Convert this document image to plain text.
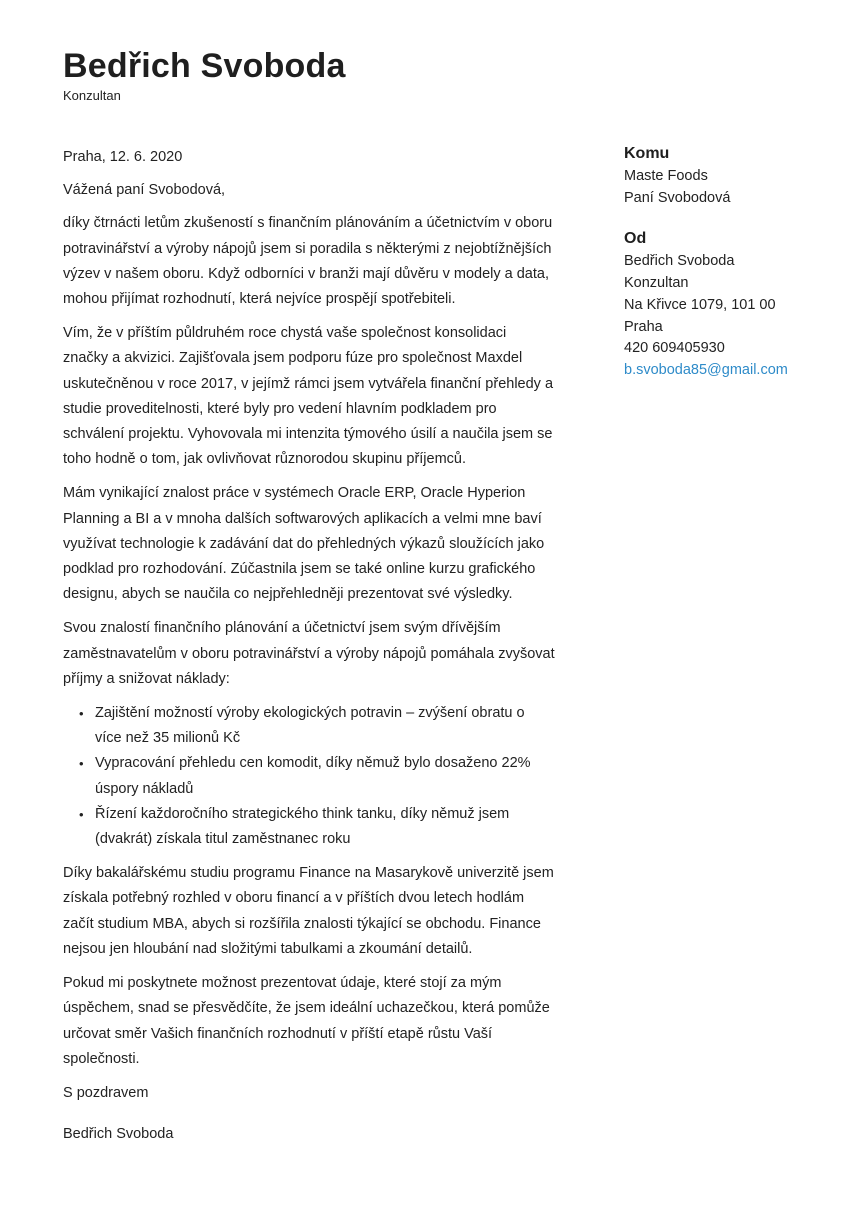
Bedřich Svoboda
Konzultan
Praha, 12. 6. 2020
Vážená paní Svobodová,

díky čtrnácti letům zkušeností s finančním plánováním a účetnictvím v oboru potravinářství a výroby nápojů jsem si poradila s některými z nejobtížnějších výzev v našem oboru. Když odborníci v branži mají důvěru v modely a data, mohou přijímat rozhodnutí, která nejvíce prospějí spotřebiteli.

Vím, že v příštím půldruhém roce chystá vaše společnost konsolidaci značky a akvizici. Zajišťovala jsem podporu fúze pro společnost Maxdel uskutečněnou v roce 2017, v jejímž rámci jsem vytvářela finanční přehledy a studie proveditelnosti, které byly pro vedení hlavním podkladem pro schválení projektu. Vyhovovala mi intenzita týmového úsilí a naučila jsem se toho hodně o tom, jak ovlivňovat různorodou skupinu příjemců.

Mám vynikající znalost práce v systémech Oracle ERP, Oracle Hyperion Planning a BI a v mnoha dalších softwarových aplikacích a velmi mne baví využívat technologie k zadávání dat do přehledných výkazů sloužících jako podklad pro rozhodování. Zúčastnila jsem se také online kurzu grafického designu, abych se naučila co nejpřehledněji prezentovat své výsledky.

Svou znalostí finančního plánování a účetnictví jsem svým dřívějším zaměstnavatelům v oboru potravinářství a výroby nápojů pomáhala zvyšovat příjmy a snižovat náklady:

• Zajištění možností výroby ekologických potravin – zvýšení obratu o více než 35 milionů Kč
• Vypracování přehledu cen komodit, díky němuž bylo dosaženo 22% úspory nákladů
• Řízení každoročního strategického think tanku, díky němuž jsem (dvakrát) získala titul zaměstnanec roku

Díky bakalářskému studiu programu Finance na Masarykově univerzitě jsem získala potřebný rozhled v oboru financí a v příštích dvou letech hodlám začít studium MBA, abych si rozšířila znalosti týkající se obchodu. Finance nejsou jen hloubání nad složitými tabulkami a zkoumání detailů.

Pokud mi poskytnete možnost prezentovat údaje, které stojí za mým úspěchem, snad se přesvědčíte, že jsem ideální uchazečkou, která pomůže určovat směr Vašich finančních rozhodnutí v příští etapě růstu Vaší společnosti.

S pozdravem
Bedřich Svoboda
Komu
Maste Foods
Paní Svobodová
Od
Bedřich Svoboda
Konzultan
Na Křivce 1079, 101 00
Praha
420 609405930
b.svoboda85@gmail.com
